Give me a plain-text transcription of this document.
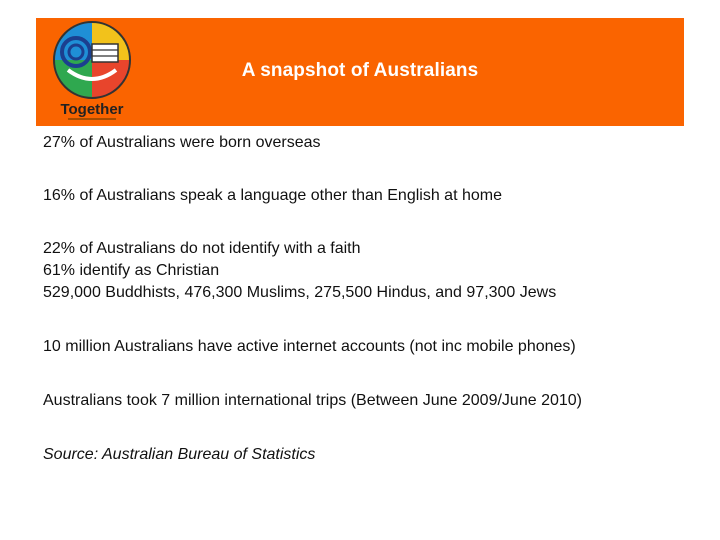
Together
A snapshot of Australians

27% of Australians were born overseas

16% of Australians speak a language other than English at home

22% of Australians do not identify with a faith

61% identify as Christian

529,000 Buddhists, 476,300 Muslims, 275,500 Hindus, and 97,300 Jews

10 million Australians have active internet accounts (not inc mobile phones)

Australians took 7 million international trips (Between June 2009/June 2010)

Source: Australian Bureau of Statistics
